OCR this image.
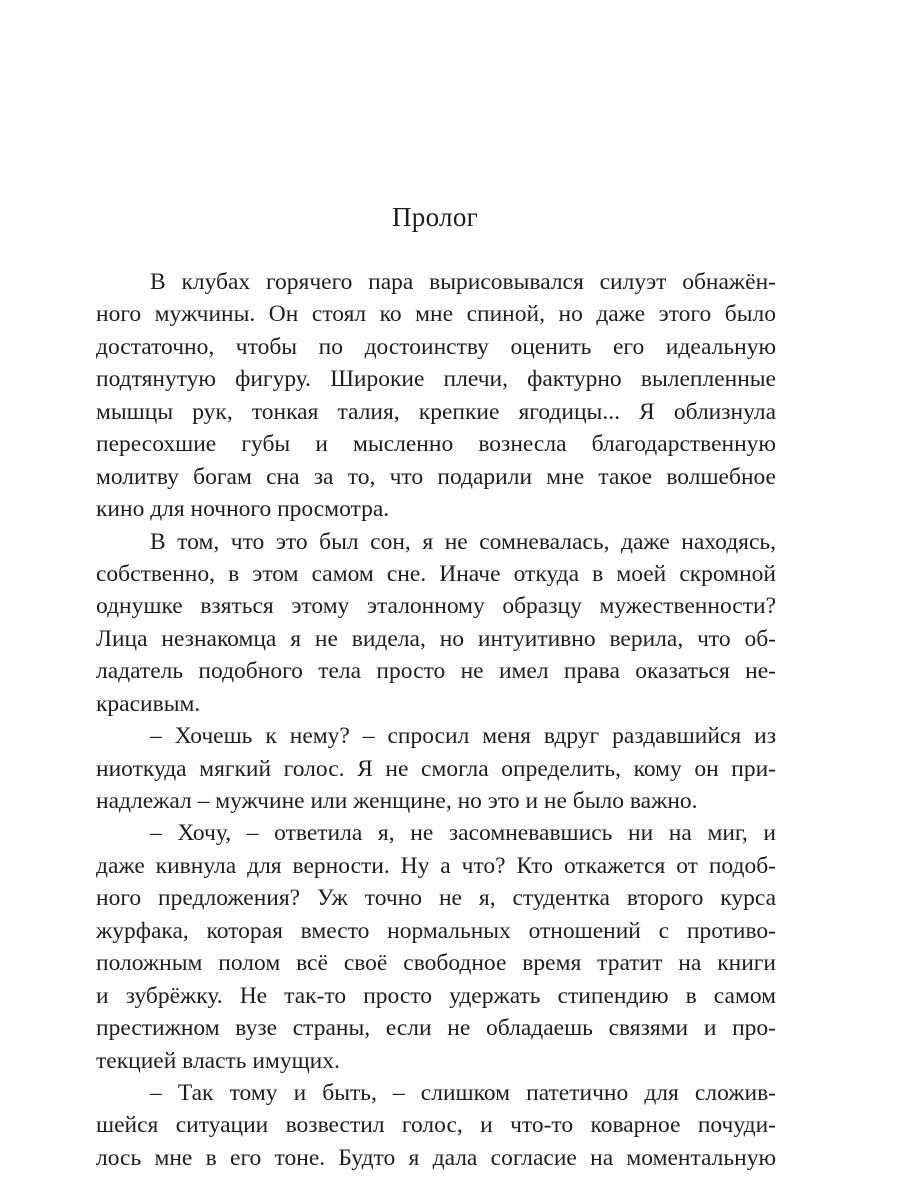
Пролог
В клубах горячего пара вырисовывался силуэт обнажён-
ного мужчины. Он стоял ко мне спиной, но даже этого было
достаточно, чтобы по достоинству оценить его идеальную
подтянутую фигуру. Широкие плечи, фактурно вылепленные
мышцы рук, тонкая талия, крепкие ягодицы... Я облизнула
пересохшие губы и мысленно вознесла благодарственную
молитву богам сна за то, что подарили мне такое волшебное
кино для ночного просмотра.
В том, что это был сон, я не сомневалась, даже находясь,
собственно, в этом самом сне. Иначе откуда в моей скромной
однушке взяться этому эталонному образцу мужественности?
Лица незнакомца я не видела, но интуитивно верила, что об-
ладатель подобного тела просто не имел права оказаться не-
красивым.
– Хочешь к нему? – спросил меня вдруг раздавшийся из
ниоткуда мягкий голос. Я не смогла определить, кому он при-
надлежал – мужчине или женщине, но это и не было важно.
– Хочу, – ответила я, не засомневавшись ни на миг, и
даже кивнула для верности. Ну а что? Кто откажется от подоб-
ного предложения? Уж точно не я, студентка второго курса
журфака, которая вместо нормальных отношений с противо-
положным полом всё своё свободное время тратит на книги
и зубрёжку. Не так-то просто удержать стипендию в самом
престижном вузе страны, если не обладаешь связями и про-
текцией власть имущих.
– Так тому и быть, – слишком патетично для сложив-
шейся ситуации возвестил голос, и что-то коварное почуди-
лось мне в его тоне. Будто я дала согласие на моментальную
